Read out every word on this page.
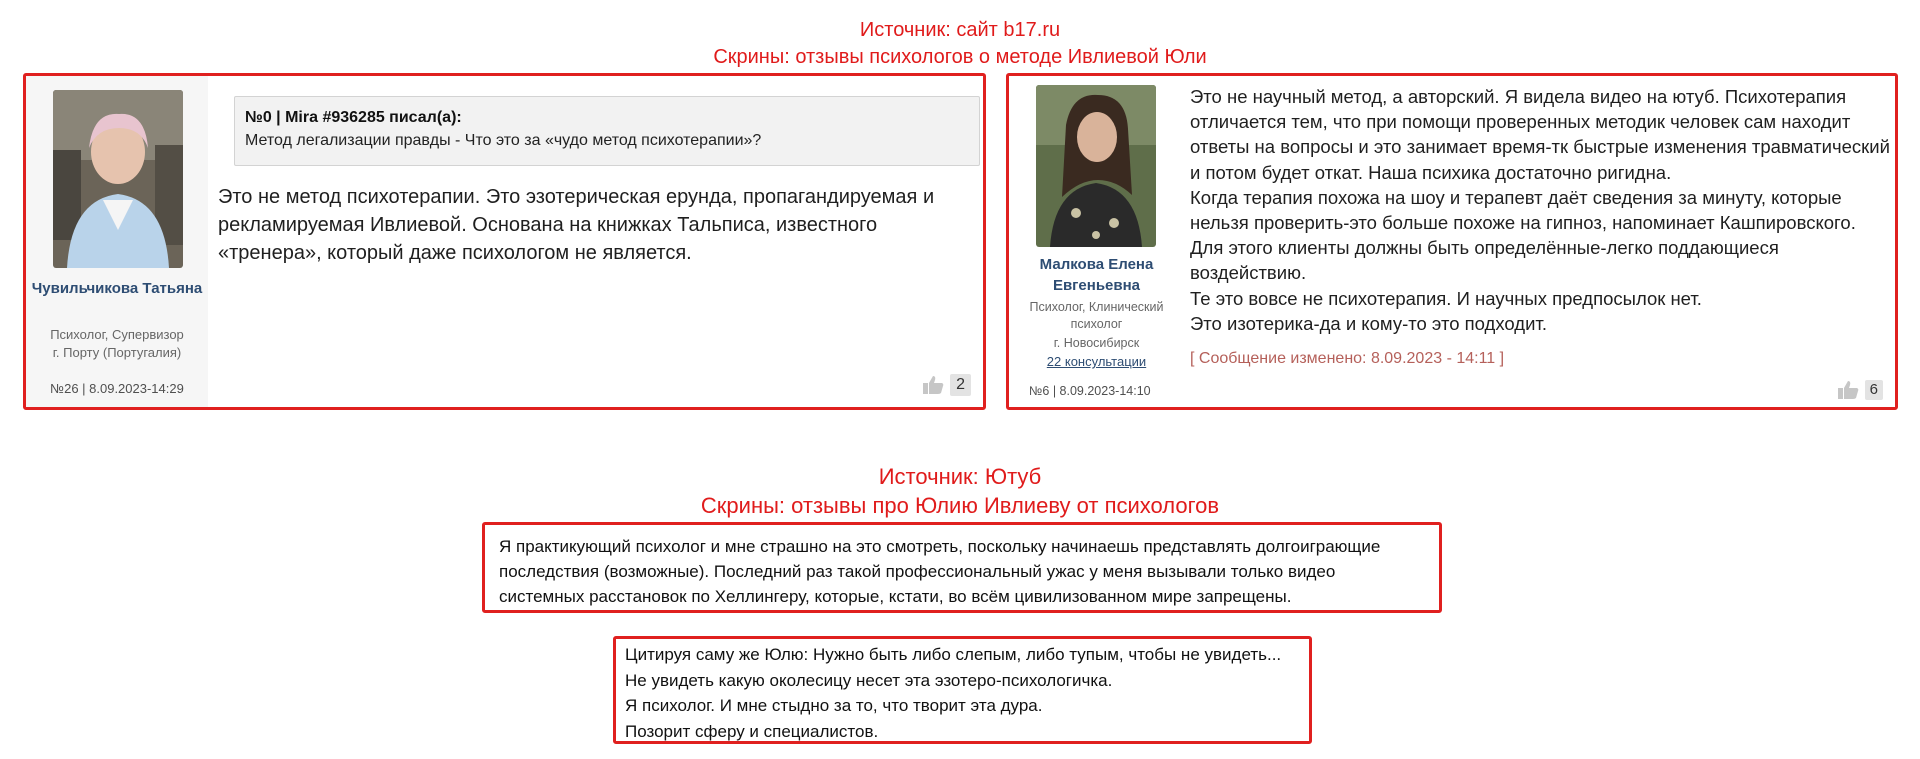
Источник: сайт b17.ru
Скрины: отзывы психологов о методе Ивлиевой Юли
Чувильчикова Татьяна
Психолог, Супервизор
г. Порту (Португалия)
№26 | 8.09.2023-14:29
№0 | Mira #936285 писал(а):
Метод легализации правды - Что это за «чудо метод психотерапии»?
Это не метод психотерапии. Это эзотерическая ерунда, пропагандируемая и рекламируемая Ивлиевой. Основана на книжках Тальписа, известного «тренера», который даже психологом не является.
2
Малкова Елена Евгеньевна
Психолог, Клинический психолог
г. Новосибирск
22 консультации
№6 | 8.09.2023-14:10

Это не научный метод, а авторский. Я видела видео на ютуб. Психотерапия отличается тем, что при помощи проверенных методик человек сам находит ответы на вопросы и это занимает время-тк быстрые изменения травматический и потом будет откат. Наша психика достаточно ригидна.

Когда терапия похожа на шоу и терапевт даёт сведения за минуту, которые нельзя проверить-это больше похоже на гипноз, напоминает Кашпировского. Для этого клиенты должны быть определённые-легко поддающиеся воздействию.

Те это вовсе не психотерапия. И научных предпосылок нет.

Это изотерика-да и кому-то это подходит.

[ Сообщение изменено: 8.09.2023 - 14:11 ]
6
Источник: Ютуб
Скрины: отзывы про Юлию Ивлиеву от психологов
Я практикующий психолог и мне страшно на это смотреть, поскольку начинаешь представлять долгоиграющие последствия (возможные). Последний раз такой профессиональный ужас у меня вызывали только видео системных расстановок по Хеллингеру, которые, кстати, во всём цивилизованном мире запрещены.

Цитируя саму же Юлю: Нужно быть либо слепым, либо тупым, чтобы не увидеть...

Не увидеть какую околесицу несет эта эзотеро-психологичка.

Я психолог. И мне стыдно за то, что творит эта дура.

Позорит сферу и специалистов.
